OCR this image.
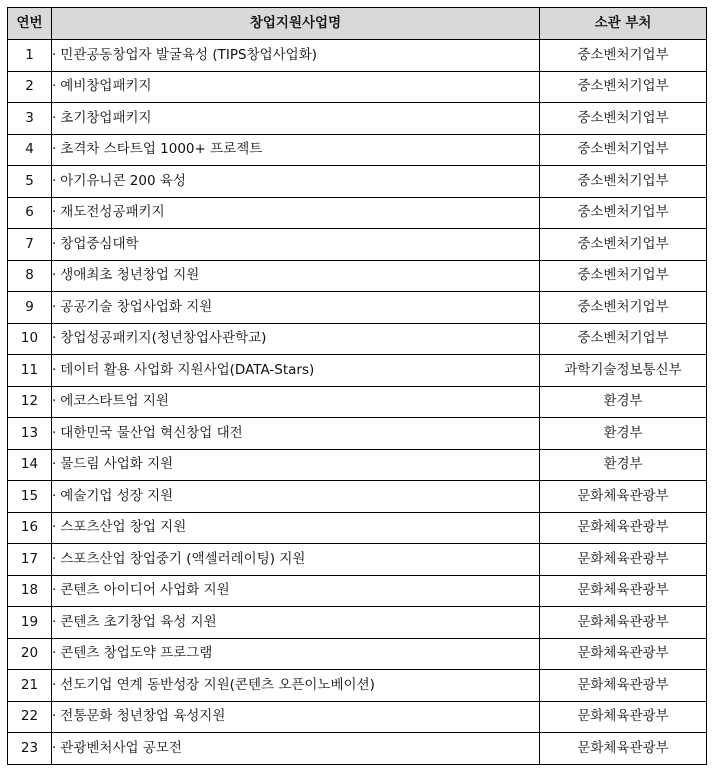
연번	창업지원사업명	소관 부처
1	· 민관공동창업자 발굴육성 (TIPS창업사업화)	중소벤처기업부
2	· 예비창업패키지	중소벤처기업부
3	· 초기창업패키지	중소벤처기업부
4	· 초격차 스타트업 1000+ 프로젝트	중소벤처기업부
5	· 아기유니콘 200 육성	중소벤처기업부
6	· 재도전성공패키지	중소벤처기업부
7	· 창업중심대학	중소벤처기업부
8	· 생애최초 청년창업 지원	중소벤처기업부
9	· 공공기술 창업사업화 지원	중소벤처기업부
10	· 창업성공패키지(청년창업사관학교)	중소벤처기업부
11	· 데이터 활용 사업화 지원사업(DATA-Stars)	과학기술정보통신부
12	· 에코스타트업 지원	환경부
13	· 대한민국 물산업 혁신창업 대전	환경부
14	· 물드림 사업화 지원	환경부
15	· 예술기업 성장 지원	문화체육관광부
16	· 스포츠산업 창업 지원	문화체육관광부
17	· 스포츠산업 창업중기 (액셀러레이팅) 지원	문화체육관광부
18	· 콘텐츠 아이디어 사업화 지원	문화체육관광부
19	· 콘텐츠 초기창업 육성 지원	문화체육관광부
20	· 콘텐츠 창업도약 프로그램	문화체육관광부
21	· 선도기업 연계 동반성장 지원(콘텐츠 오픈이노베이션)	문화체육관광부
22	· 전통문화 청년창업 육성지원	문화체육관광부
23	· 관광벤처사업 공모전	문화체육관광부
